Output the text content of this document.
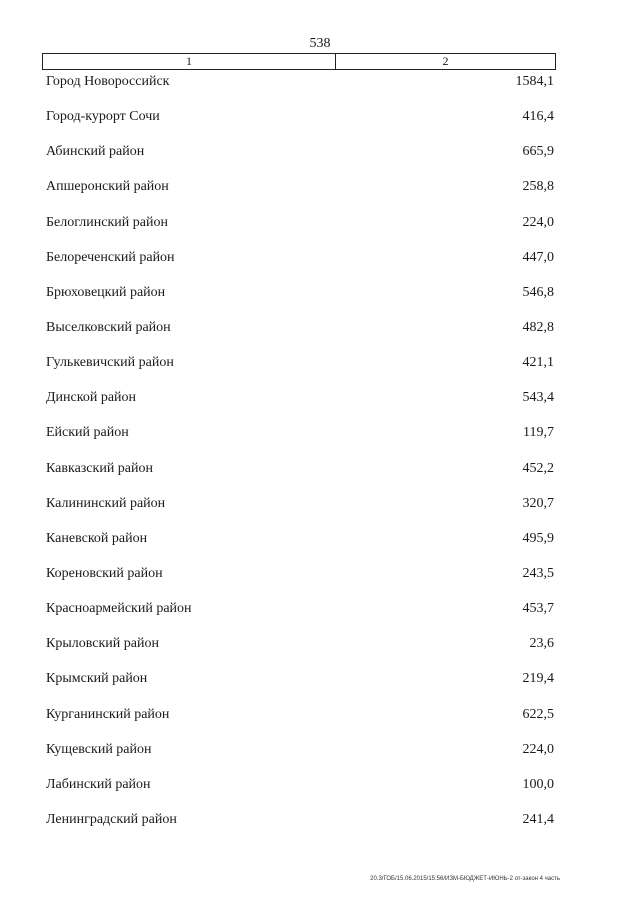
538
1	2
Город Новороссийск	1584,1
Город-курорт Сочи	416,4
Абинский район	665,9
Апшеронский район	258,8
Белоглинский район	224,0
Белореченский район	447,0
Брюховецкий район	546,8
Выселковский район	482,8
Гулькевичский район	421,1
Динской район	543,4
Ейский район	119,7
Кавказский район	452,2
Калининский район	320,7
Каневской район	495,9
Кореновский район	243,5
Красноармейский район	453,7
Крыловский район	23,6
Крымский район	219,4
Курганинский район	622,5
Кущевский район	224,0
Лабинский район	100,0
Ленинградский район	241,4
20.3/ГОБ/15.06.2015/15:56/ИЗМ-БЮДЖЕТ-ИЮНЬ-2 от-закон 4 часть
